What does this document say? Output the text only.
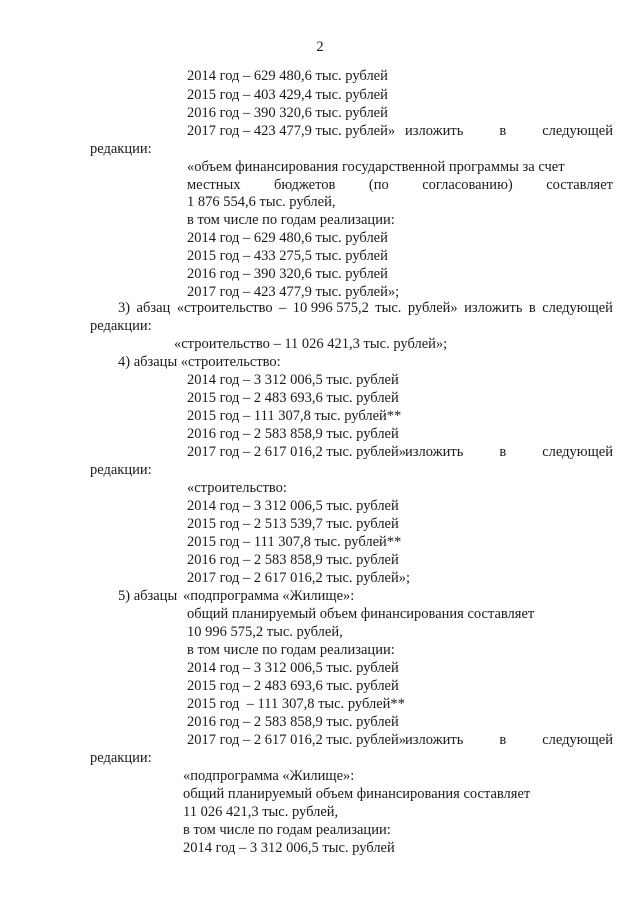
2
2014 год – 629 480,6 тыс. рублей
2015 год – 403 429,4 тыс. рублей
2016 год – 390 320,6 тыс. рублей
2017 год – 423 477,9 тыс. рублей» изложить в следующей
редакции:
«объем финансирования государственной программы за счет
местных бюджетов (по согласованию) составляет
1 876 554,6 тыс. рублей,
в том числе по годам реализации:
2014 год – 629 480,6 тыс. рублей
2015 год – 433 275,5 тыс. рублей
2016 год – 390 320,6 тыс. рублей
2017 год – 423 477,9 тыс. рублей»;
3) абзац «строительство – 10 996 575,2 тыс. рублей» изложить в следующей
редакции:
«строительство – 11 026 421,3 тыс. рублей»;
4) абзацы «строительство:
2014 год – 3 312 006,5 тыс. рублей
2015 год – 2 483 693,6 тыс. рублей
2015 год – 111 307,8 тыс. рублей**
2016 год – 2 583 858,9 тыс. рублей
2017 год – 2 617 016,2 тыс. рублей»
изложить в следующей
редакции:
«строительство:
2014 год – 3 312 006,5 тыс. рублей
2015 год – 2 513 539,7 тыс. рублей
2015 год – 111 307,8 тыс. рублей**
2016 год – 2 583 858,9 тыс. рублей
2017 год – 2 617 016,2 тыс. рублей»;
5) абзацы «подпрограмма «Жилище»:
общий планируемый объем финансирования составляет
10 996 575,2 тыс. рублей,
в том числе по годам реализации:
2014 год – 3 312 006,5 тыс. рублей
2015 год – 2 483 693,6 тыс. рублей
2015 год  – 111 307,8 тыс. рублей**
2016 год – 2 583 858,9 тыс. рублей
2017 год – 2 617 016,2 тыс. рублей»
изложить в следующей
редакции:
«подпрограмма «Жилище»:
общий планируемый объем финансирования составляет
11 026 421,3 тыс. рублей,
в том числе по годам реализации:
2014 год – 3 312 006,5 тыс. рублей
